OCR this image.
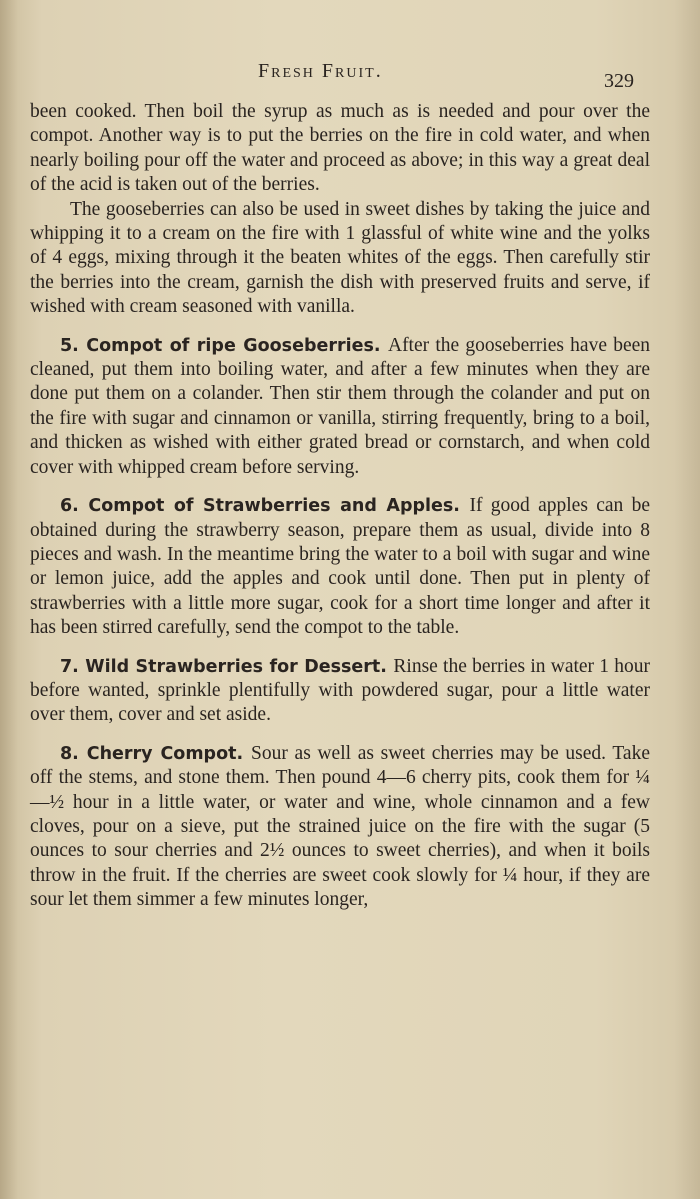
Fresh Fruit.	329

been cooked. Then boil the syrup as much as is needed and pour over the compot. Another way is to put the berries on the fire in cold water, and when nearly boiling pour off the water and proceed as above; in this way a great deal of the acid is taken out of the berries.

The gooseberries can also be used in sweet dishes by taking the juice and whipping it to a cream on the fire with 1 glassful of white wine and the yolks of 4 eggs, mixing through it the beaten whites of the eggs. Then carefully stir the berries into the cream, garnish the dish with preserved fruits and serve, if wished with cream seasoned with vanilla.

5. Compot of ripe Gooseberries. After the gooseberries have been cleaned, put them into boiling water, and after a few minutes when they are done put them on a colander. Then stir them through the colander and put on the fire with sugar and cinnamon or vanilla, stirring frequently, bring to a boil, and thicken as wished with either grated bread or cornstarch, and when cold cover with whipped cream before serving.

6. Compot of Strawberries and Apples. If good apples can be obtained during the strawberry season, prepare them as usual, divide into 8 pieces and wash. In the meantime bring the water to a boil with sugar and wine or lemon juice, add the apples and cook until done. Then put in plenty of strawberries with a little more sugar, cook for a short time longer and after it has been stirred carefully, send the compot to the table.

7. Wild Strawberries for Dessert. Rinse the berries in water 1 hour before wanted, sprinkle plentifully with powdered sugar, pour a little water over them, cover and set aside.

8. Cherry Compot. Sour as well as sweet cherries may be used. Take off the stems, and stone them. Then pound 4—6 cherry pits, cook them for ¼—½ hour in a little water, or water and wine, whole cinnamon and a few cloves, pour on a sieve, put the strained juice on the fire with the sugar (5 ounces to sour cherries and 2½ ounces to sweet cherries), and when it boils throw in the fruit. If the cherries are sweet cook slowly for ¼ hour, if they are sour let them simmer a few minutes longer,
